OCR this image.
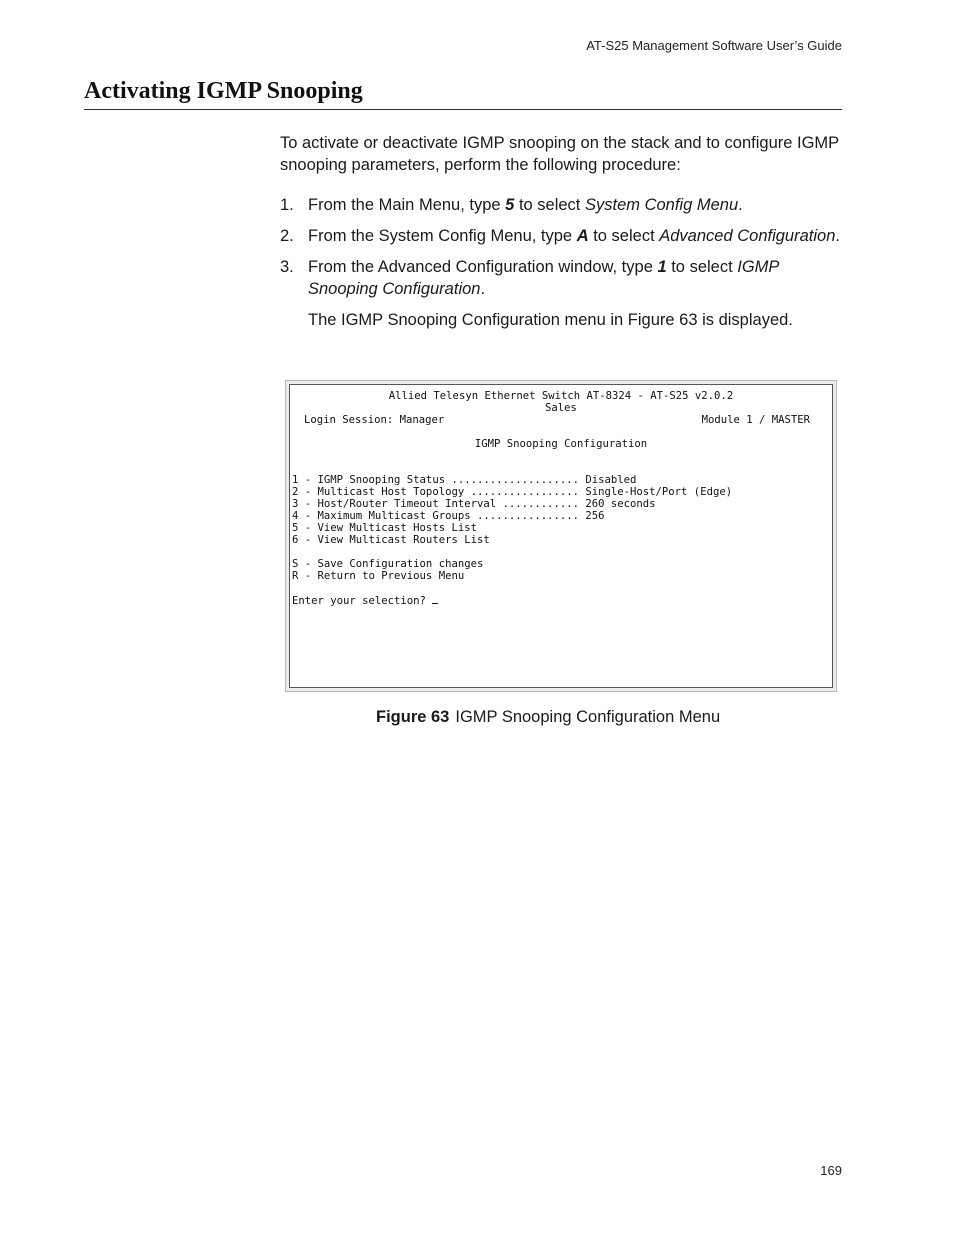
AT-S25 Management Software User’s Guide
Activating IGMP Snooping

To activate or deactivate IGMP snooping on the stack and to configure IGMP snooping parameters, perform the following procedure:

1. From the Main Menu, type 5 to select System Config Menu.
2. From the System Config Menu, type A to select Advanced Configuration.
3. From the Advanced Configuration window, type 1 to select IGMP Snooping Configuration.

The IGMP Snooping Configuration menu in Figure 63 is displayed.

Allied Telesyn Ethernet Switch AT-8324 - AT-S25 v2.0.2
Sales
Login Session: Manager	Module 1 / MASTER
IGMP Snooping Configuration
1 - IGMP Snooping Status .................... Disabled
2 - Multicast Host Topology ................. Single-Host/Port (Edge)
3 - Host/Router Timeout Interval ............ 260 seconds
4 - Maximum Multicast Groups ................ 256
5 - View Multicast Hosts List
6 - View Multicast Routers List
S - Save Configuration changes
R - Return to Previous Menu
Enter your selection?
Figure 63 IGMP Snooping Configuration Menu
169
